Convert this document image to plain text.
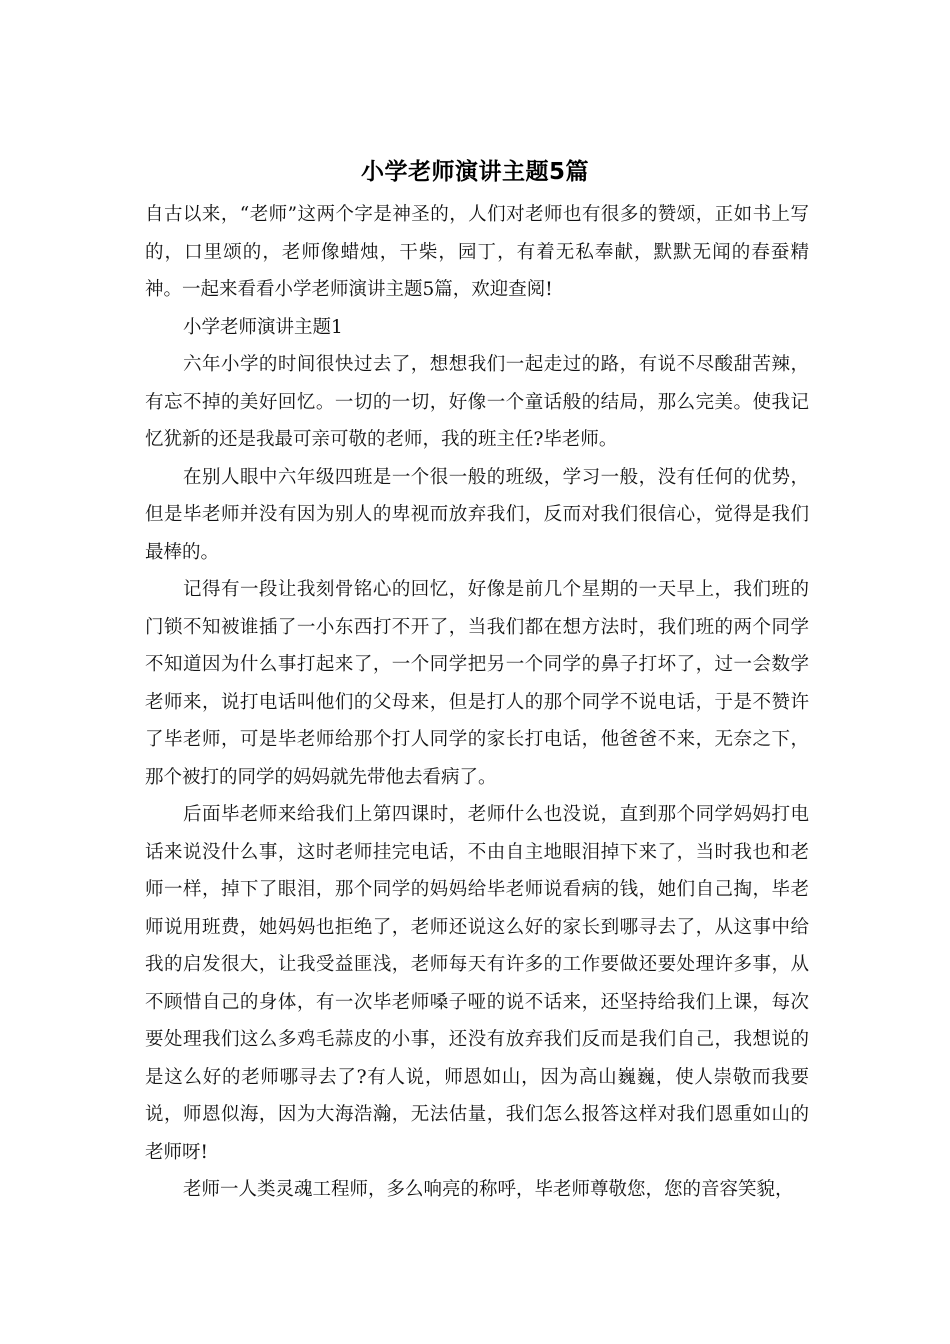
小学老师演讲主题5篇

自古以来，“老师”这两个字是神圣的，人们对老师也有很多的赞颂，正如书上写的，口里颂的，老师像蜡烛，干柴，园丁，有着无私奉献，默默无闻的春蚕精神。一起来看看小学老师演讲主题5篇，欢迎查阅!

小学老师演讲主题1

六年小学的时间很快过去了，想想我们一起走过的路，有说不尽酸甜苦辣，有忘不掉的美好回忆。一切的一切，好像一个童话般的结局，那么完美。使我记忆犹新的还是我最可亲可敬的老师，我的班主任?毕老师。

在别人眼中六年级四班是一个很一般的班级，学习一般，没有任何的优势，但是毕老师并没有因为别人的卑视而放弃我们，反而对我们很信心，觉得是我们最棒的。

记得有一段让我刻骨铭心的回忆，好像是前几个星期的一天早上，我们班的门锁不知被谁插了一小东西打不开了，当我们都在想方法时，我们班的两个同学不知道因为什么事打起来了，一个同学把另一个同学的鼻子打坏了，过一会数学老师来，说打电话叫他们的父母来，但是打人的那个同学不说电话，于是不赞许了毕老师，可是毕老师给那个打人同学的家长打电话，他爸爸不来，无奈之下，那个被打的同学的妈妈就先带他去看病了。

后面毕老师来给我们上第四课时，老师什么也没说，直到那个同学妈妈打电话来说没什么事，这时老师挂完电话，不由自主地眼泪掉下来了，当时我也和老师一样，掉下了眼泪，那个同学的妈妈给毕老师说看病的钱，她们自己掏，毕老师说用班费，她妈妈也拒绝了，老师还说这么好的家长到哪寻去了，从这事中给我的启发很大，让我受益匪浅，老师每天有许多的工作要做还要处理许多事，从不顾惜自己的身体，有一次毕老师嗓子哑的说不话来，还坚持给我们上课，每次要处理我们这么多鸡毛蒜皮的小事，还没有放弃我们反而是我们自己，我想说的是这么好的老师哪寻去了?有人说，师恩如山，因为高山巍巍，使人崇敬而我要说，师恩似海，因为大海浩瀚，无法估量，我们怎么报答这样对我们恩重如山的老师呀!

老师一人类灵魂工程师，多么响亮的称呼，毕老师尊敬您，您的音容笑貌，
